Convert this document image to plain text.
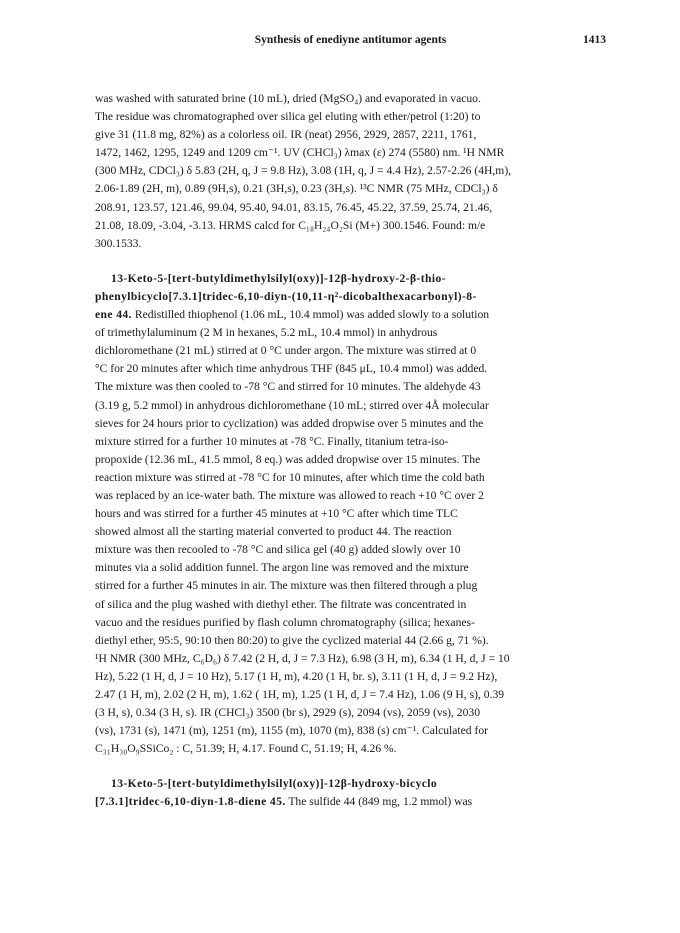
Synthesis of enediyne antitumor agents	1413

was washed with saturated brine (10 mL), dried (MgSO₄) and evaporated in vacuo.
The residue was chromatographed over silica gel eluting with ether/petrol (1:20) to
give 31 (11.8 mg, 82%) as a colorless oil. IR (neat) 2956, 2929, 2857, 2211, 1761,
1472, 1462, 1295, 1249 and 1209 cm⁻¹. UV (CHCl₃) λmax (ε) 274 (5580) nm. ¹H NMR
(300 MHz, CDCl₃) δ 5.83 (2H, q, J = 9.8 Hz), 3.08 (1H, q, J = 4.4 Hz), 2.57-2.26 (4H,m),
2.06-1.89 (2H, m), 0.89 (9H,s), 0.21 (3H,s), 0.23 (3H,s). ¹³C NMR (75 MHz, CDCl₃) δ
208.91, 123.57, 121.46, 99.04, 95.40, 94.01, 83.15, 76.45, 45.22, 37.59, 25.74, 21.46,
21.08, 18.09, -3.04, -3.13. HRMS calcd for C₁₈H₂₄O₂Si (M+) 300.1546. Found: m/e
300.1533.

13-Keto-5-[tert-butyldimethylsilyl(oxy)]-12β-hydroxy-2-β-thio-
phenylbicyclo[7.3.1]tridec-6,10-diyn-(10,11-η²-dicobalthexacarbonyl)-8-
ene 44. Redistilled thiophenol (1.06 mL, 10.4 mmol) was added slowly to a solution
of trimethylaluminum (2 M in hexanes, 5.2 mL, 10.4 mmol) in anhydrous
dichloromethane (21 mL) stirred at 0 °C under argon. The mixture was stirred at 0
°C for 20 minutes after which time anhydrous THF (845 μL, 10.4 mmol) was added.
The mixture was then cooled to -78 °C and stirred for 10 minutes. The aldehyde 43
(3.19 g, 5.2 mmol) in anhydrous dichloromethane (10 mL; stirred over 4Å molecular
sieves for 24 hours prior to cyclization) was added dropwise over 5 minutes and the
mixture stirred for a further 10 minutes at -78 °C. Finally, titanium tetra-iso-
propoxide (12.36 mL, 41.5 mmol, 8 eq.) was added dropwise over 15 minutes. The
reaction mixture was stirred at -78 °C for 10 minutes, after which time the cold bath
was replaced by an ice-water bath. The mixture was allowed to reach +10 °C over 2
hours and was stirred for a further 45 minutes at +10 °C after which time TLC
showed almost all the starting material converted to product 44. The reaction
mixture was then recooled to -78 °C and silica gel (40 g) added slowly over 10
minutes via a solid addition funnel. The argon line was removed and the mixture
stirred for a further 45 minutes in air. The mixture was then filtered through a plug
of silica and the plug washed with diethyl ether. The filtrate was concentrated in
vacuo and the residues purified by flash column chromatography (silica; hexanes-
diethyl ether, 95:5, 90:10 then 80:20) to give the cyclized material 44 (2.66 g, 71 %).
¹H NMR (300 MHz, C₆D₆) δ 7.42 (2 H, d, J = 7.3 Hz), 6.98 (3 H, m), 6.34 (1 H, d, J = 10
Hz), 5.22 (1 H, d, J = 10 Hz), 5.17 (1 H, m), 4.20 (1 H, br. s), 3.11 (1 H, d, J = 9.2 Hz),
2.47 (1 H, m), 2.02 (2 H, m), 1.62 ( 1H, m), 1.25 (1 H, d, J = 7.4 Hz), 1.06 (9 H, s), 0.39
(3 H, s), 0.34 (3 H, s). IR (CHCl₃) 3500 (br s), 2929 (s), 2094 (vs), 2059 (vs), 2030
(vs), 1731 (s), 1471 (m), 1251 (m), 1155 (m), 1070 (m), 838 (s) cm⁻¹. Calculated for
C₃₁H₃₀O₉SSiCo₂ : C, 51.39; H, 4.17. Found C, 51.19; H, 4.26 %.

13-Keto-5-[tert-butyldimethylsilyl(oxy)]-12β-hydroxy-bicyclo
[7.3.1]tridec-6,10-diyn-1.8-diene 45. The sulfide 44 (849 mg, 1.2 mmol) was
